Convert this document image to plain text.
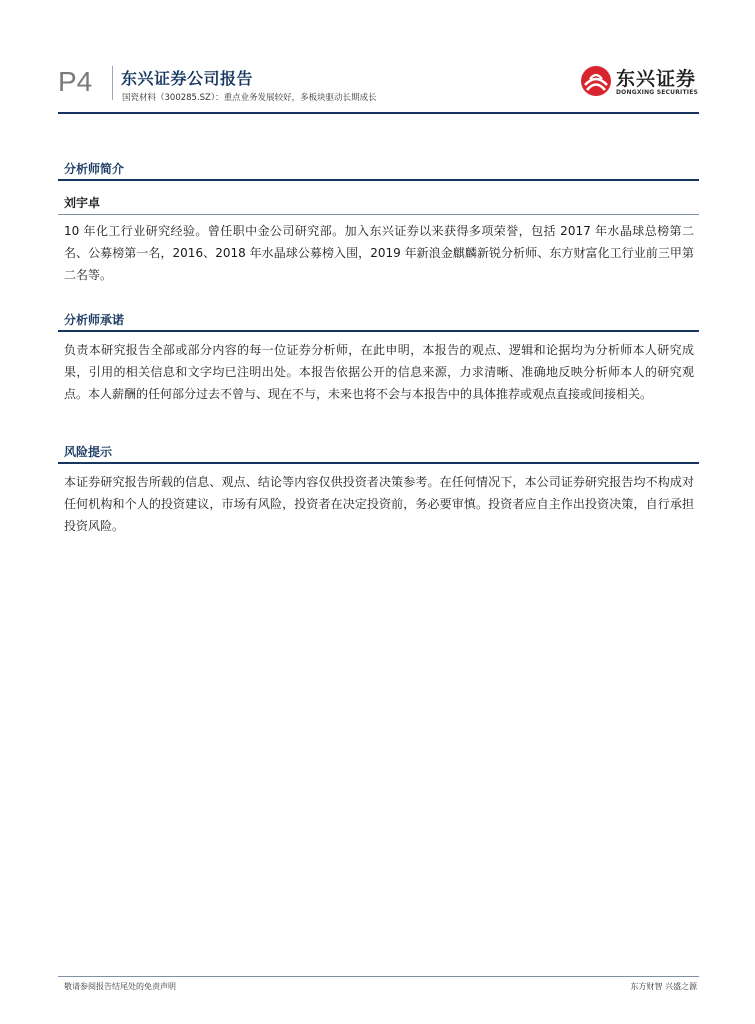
P4 东兴证券公司报告
国瓷材料（300285.SZ）：重点业务发展较好，多板块驱动长期成长
东兴证券
DONGXING SECURITIES
分析师简介
刘宇卓

10 年化工行业研究经验。曾任职中金公司研究部。加入东兴证券以来获得多项荣誉，包括 2017 年水晶球总榜第二名、公募榜第一名，2016、2018 年水晶球公募榜入围，2019 年新浪金麒麟新锐分析师、东方财富化工行业前三甲第二名等。

分析师承诺

负责本研究报告全部或部分内容的每一位证券分析师，在此申明，本报告的观点、逻辑和论据均为分析师本人研究成果，引用的相关信息和文字均已注明出处。本报告依据公开的信息来源，力求清晰、准确地反映分析师本人的研究观点。本人薪酬的任何部分过去不曾与、现在不与，未来也将不会与本报告中的具体推荐或观点直接或间接相关。

风险提示

本证券研究报告所载的信息、观点、结论等内容仅供投资者决策参考。在任何情况下，本公司证券研究报告均不构成对任何机构和个人的投资建议，市场有风险，投资者在决定投资前，务必要审慎。投资者应自主作出投资决策，自行承担投资风险。

敬请参阅报告结尾处的免责声明	东方财智 兴盛之源
